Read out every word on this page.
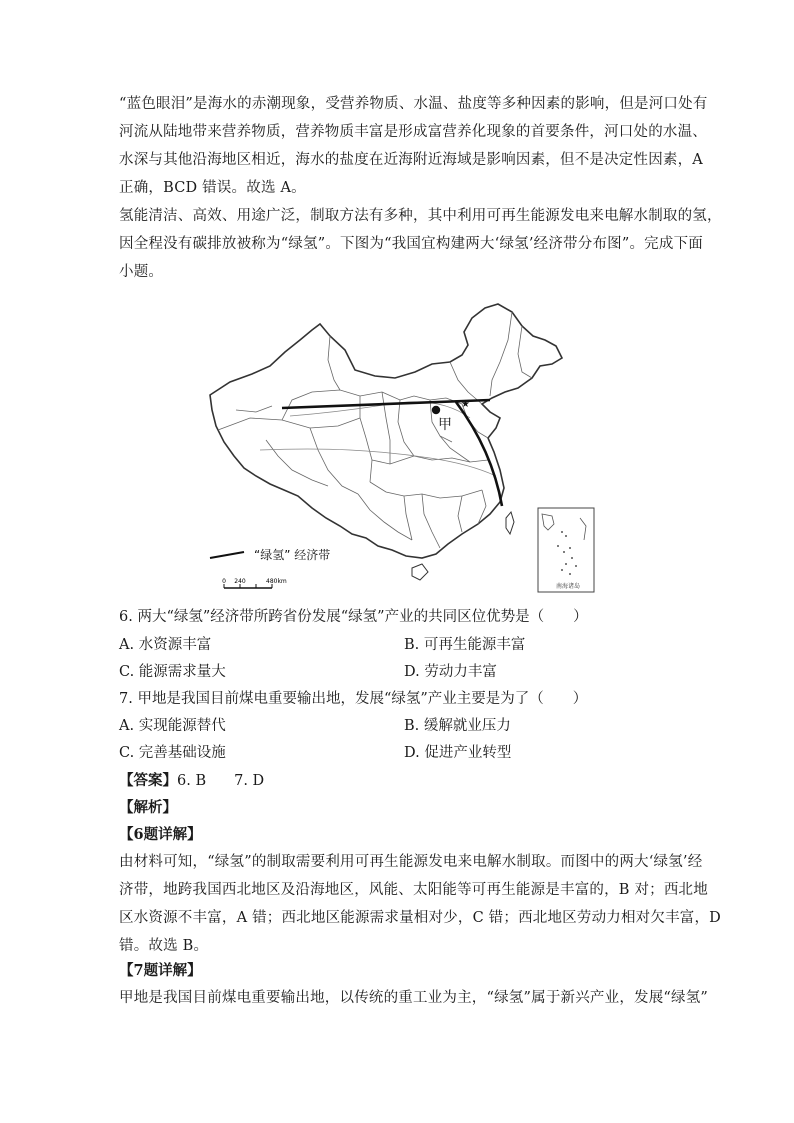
“蓝色眼泪”是海水的赤潮现象，受营养物质、水温、盐度等多种因素的影响，但是河口处有
河流从陆地带来营养物质，营养物质丰富是形成富营养化现象的首要条件，河口处的水温、
水深与其他沿海地区相近，海水的盐度在近海附近海域是影响因素，但不是决定性因素，A
正确，BCD 错误。故选 A。
氢能清洁、高效、用途广泛，制取方法有多种，其中利用可再生能源发电来电解水制取的氢，
因全程没有碳排放被称为“绿氢”。下图为“我国宜构建两大‘绿氢’经济带分布图”。完成下面
小题。
★
甲
南海诸岛
“绿氢” 经济带
0 240	480km
6. 两大“绿氢”经济带所跨省份发展“绿氢”产业的共同区位优势是（　　）
A. 水资源丰富	B. 可再生能源丰富
C. 能源需求量大	D. 劳动力丰富
7. 甲地是我国目前煤电重要输出地，发展“绿氢”产业主要是为了（　　）
A. 实现能源替代	B. 缓解就业压力
C. 完善基础设施	D. 促进产业转型
【答案】6. B 7. D
【解析】
【6题详解】
由材料可知，“绿氢”的制取需要利用可再生能源发电来电解水制取。而图中的两大‘绿氢’经
济带，地跨我国西北地区及沿海地区，风能、太阳能等可再生能源是丰富的，B 对；西北地
区水资源不丰富，A 错；西北地区能源需求量相对少，C 错；西北地区劳动力相对欠丰富，D
错。故选 B。
【7题详解】
甲地是我国目前煤电重要输出地，以传统的重工业为主，“绿氢”属于新兴产业，发展“绿氢”
